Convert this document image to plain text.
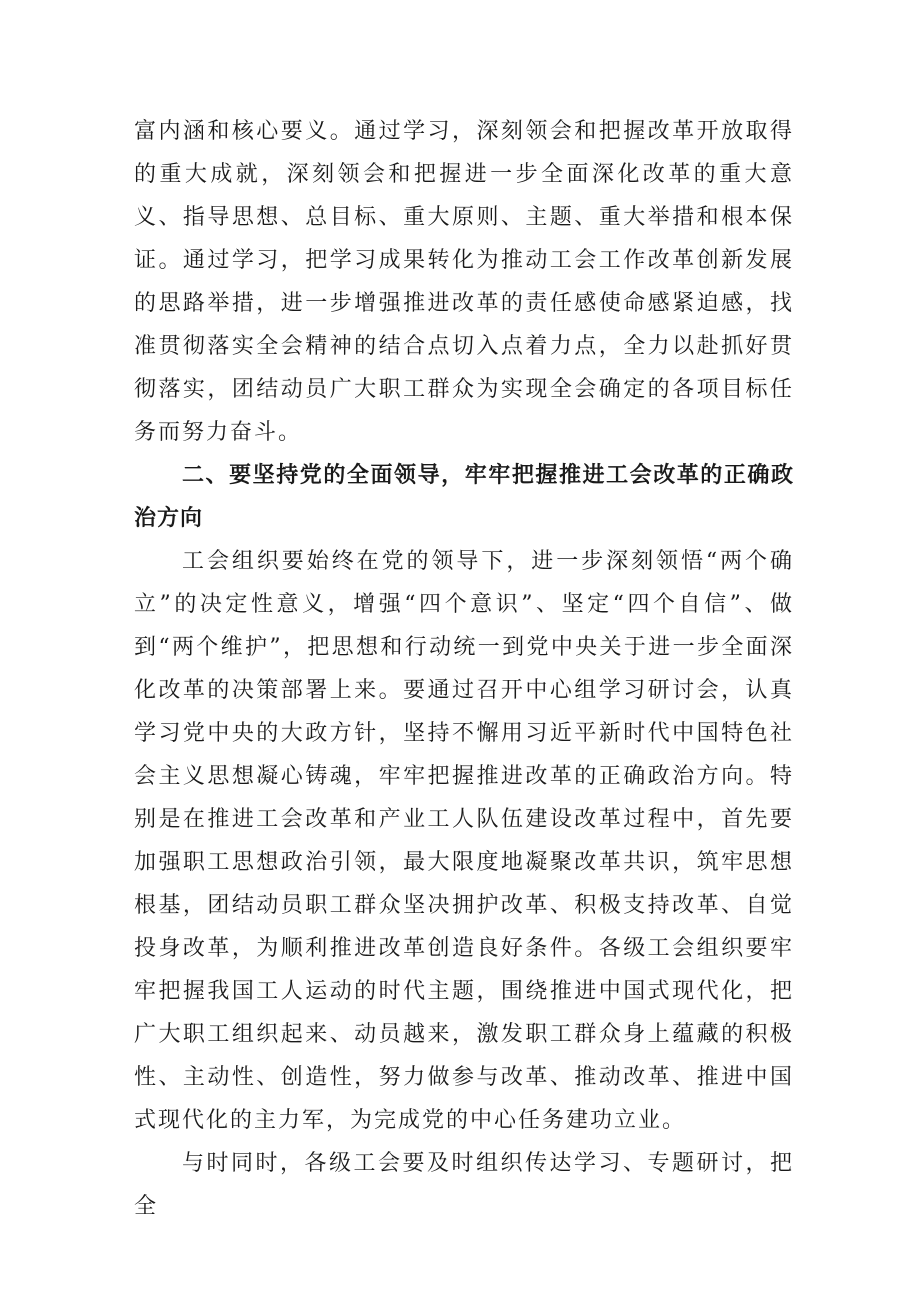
富内涵和核心要义。通过学习，深刻领会和把握改革开放取得的重大成就，深刻领会和把握进一步全面深化改革的重大意义、指导思想、总目标、重大原则、主题、重大举措和根本保证。通过学习，把学习成果转化为推动工会工作改革创新发展的思路举措，进一步增强推进改革的责任感使命感紧迫感，找准贯彻落实全会精神的结合点切入点着力点，全力以赴抓好贯彻落实，团结动员广大职工群众为实现全会确定的各项目标任务而努力奋斗。

二、要坚持党的全面领导，牢牢把握推进工会改革的正确政治方向

工会组织要始终在党的领导下，进一步深刻领悟“两个确立”的决定性意义，增强“四个意识”、坚定“四个自信”、做到“两个维护”，把思想和行动统一到党中央关于进一步全面深化改革的决策部署上来。要通过召开中心组学习研讨会，认真学习党中央的大政方针，坚持不懈用习近平新时代中国特色社会主义思想凝心铸魂，牢牢把握推进改革的正确政治方向。特别是在推进工会改革和产业工人队伍建设改革过程中，首先要加强职工思想政治引领，最大限度地凝聚改革共识，筑牢思想根基，团结动员职工群众坚决拥护改革、积极支持改革、自觉投身改革，为顺利推进改革创造良好条件。各级工会组织要牢牢把握我国工人运动的时代主题，围绕推进中国式现代化，把广大职工组织起来、动员越来，激发职工群众身上蕴藏的积极性、主动性、创造性，努力做参与改革、推动改革、推进中国式现代化的主力军，为完成党的中心任务建功立业。

与时同时，各级工会要及时组织传达学习、专题研讨，把全
